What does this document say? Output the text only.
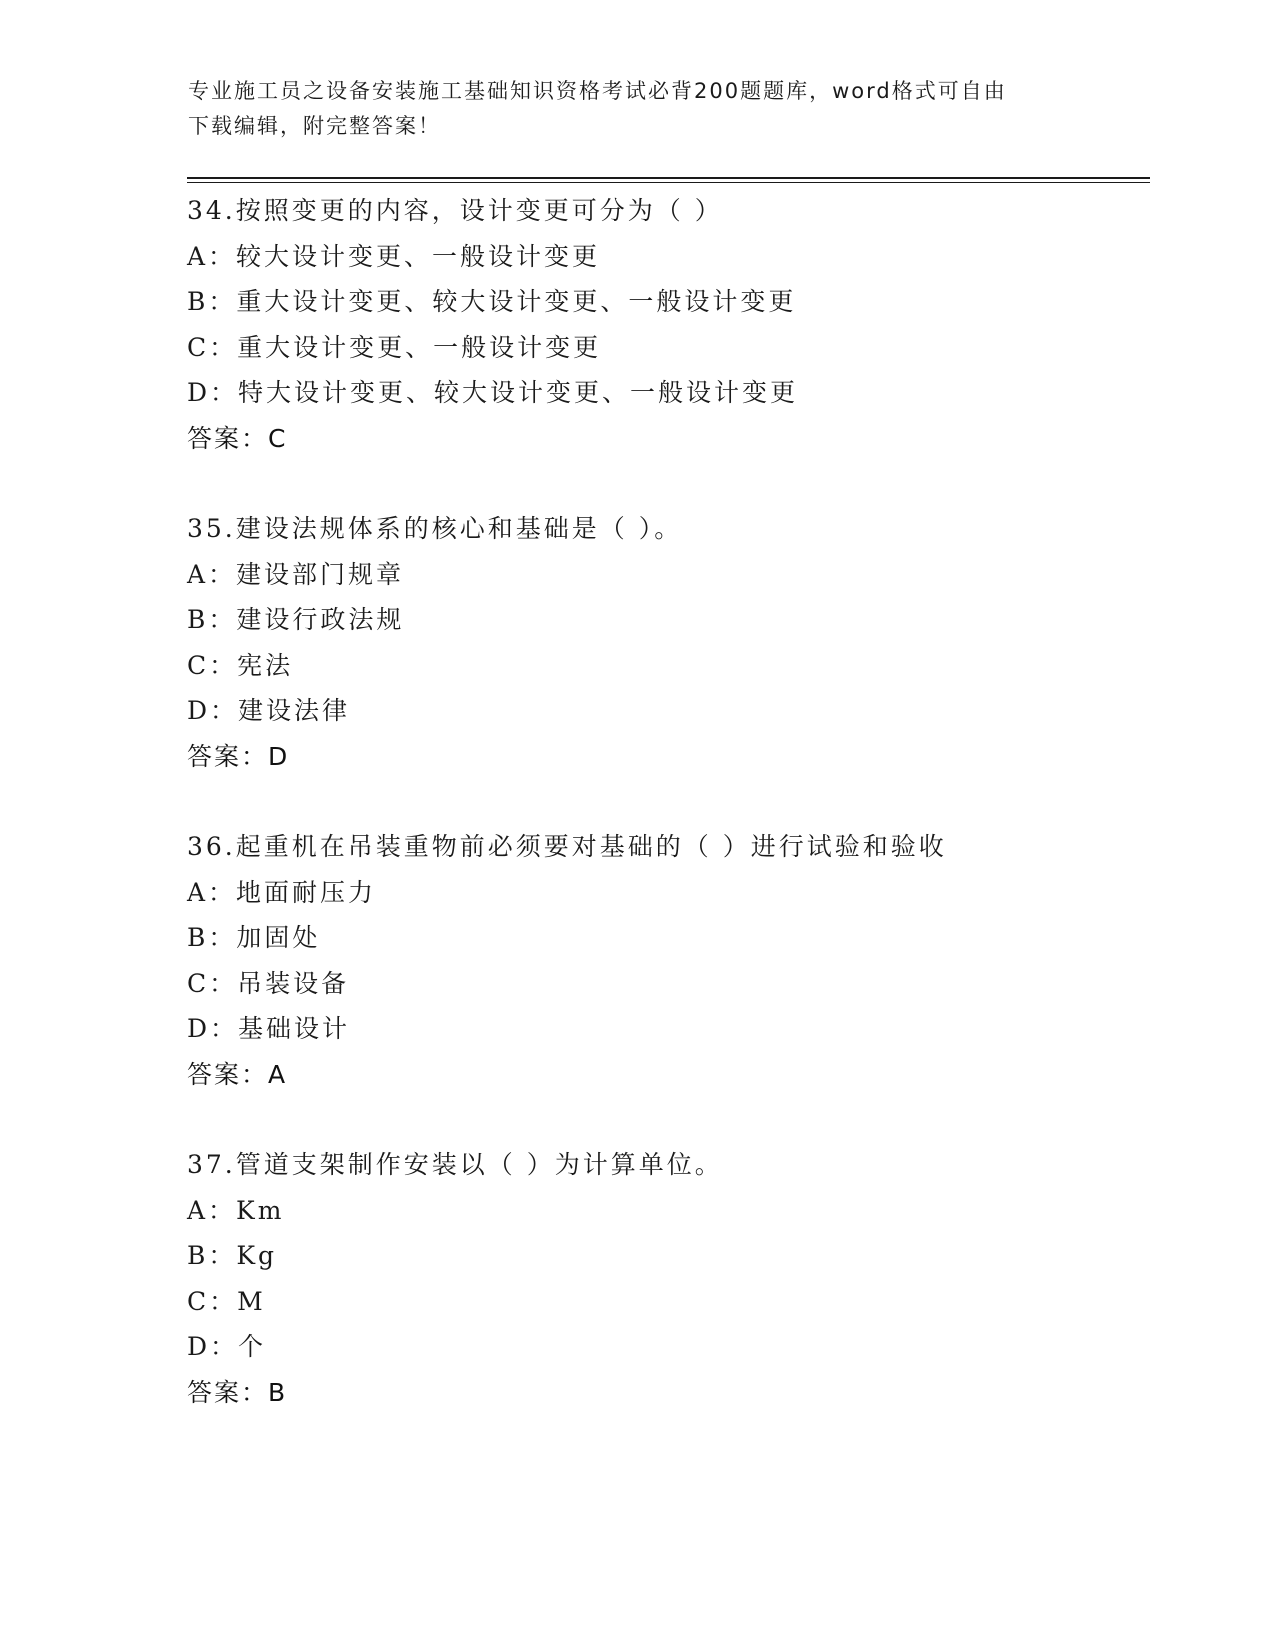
专业施工员之设备安装施工基础知识资格考试必背200题题库，word格式可自由
下载编辑，附完整答案！
34.按照变更的内容，设计变更可分为（ ）
A：较大设计变更、一般设计变更
B：重大设计变更、较大设计变更、一般设计变更
C：重大设计变更、一般设计变更
D：特大设计变更、较大设计变更、一般设计变更
答案：C
35.建设法规体系的核心和基础是（ ）。
A：建设部门规章
B：建设行政法规
C：宪法
D：建设法律
答案：D
36.起重机在吊装重物前必须要对基础的（ ）进行试验和验收
A：地面耐压力
B：加固处
C：吊装设备
D：基础设计
答案：A
37.管道支架制作安装以（ ）为计算单位。
A：Km
B：Kg
C：M
D：个
答案：B
